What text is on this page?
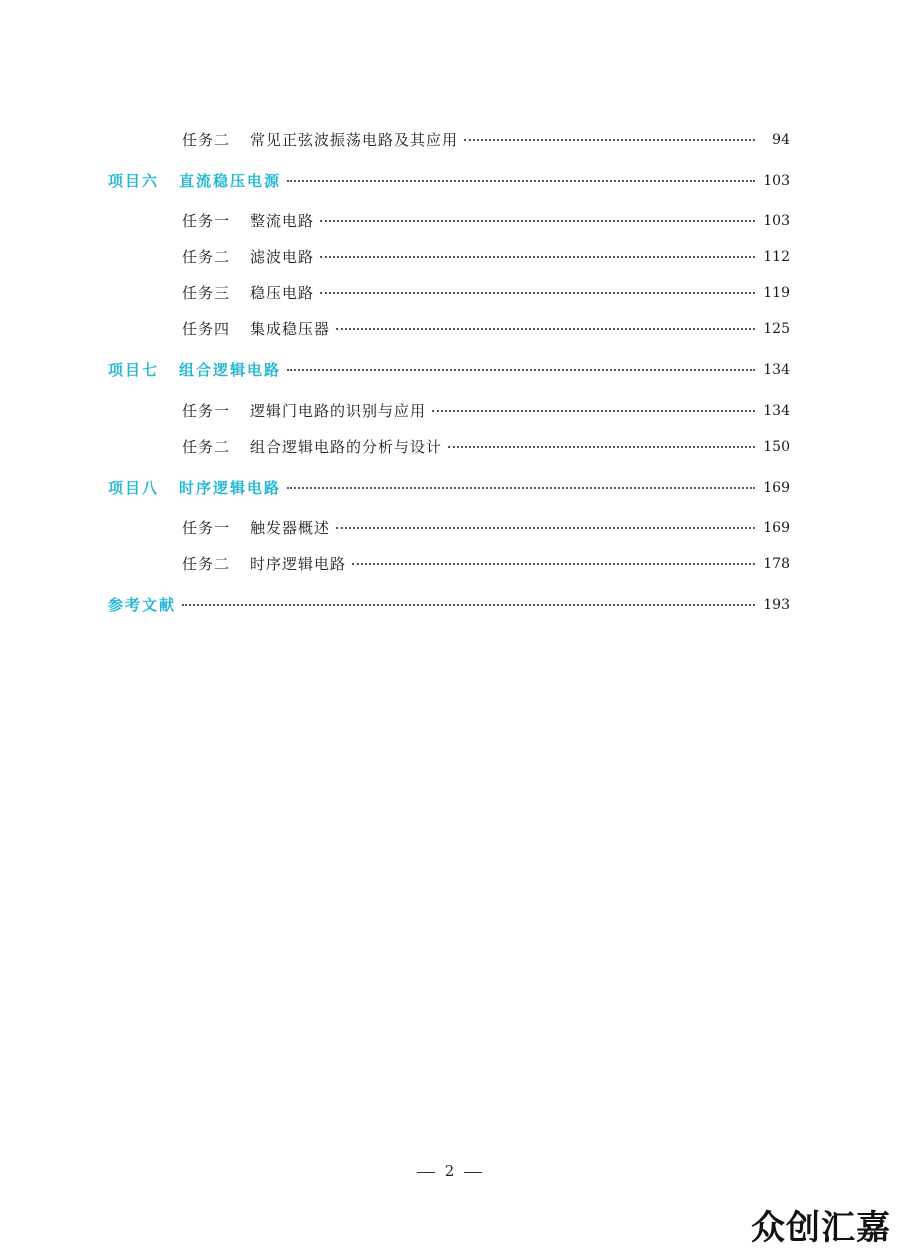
任务二 常见正弦波振荡电路及其应用	94
项目六 直流稳压电源	103
任务一 整流电路	103
任务二 滤波电路	112
任务三 稳压电路	119
任务四 集成稳压器	125
项目七 组合逻辑电路	134
任务一 逻辑门电路的识别与应用	134
任务二 组合逻辑电路的分析与设计	150
项目八 时序逻辑电路	169
任务一 触发器概述	169
任务二 时序逻辑电路	178
参考文献	193
2
众创汇嘉
